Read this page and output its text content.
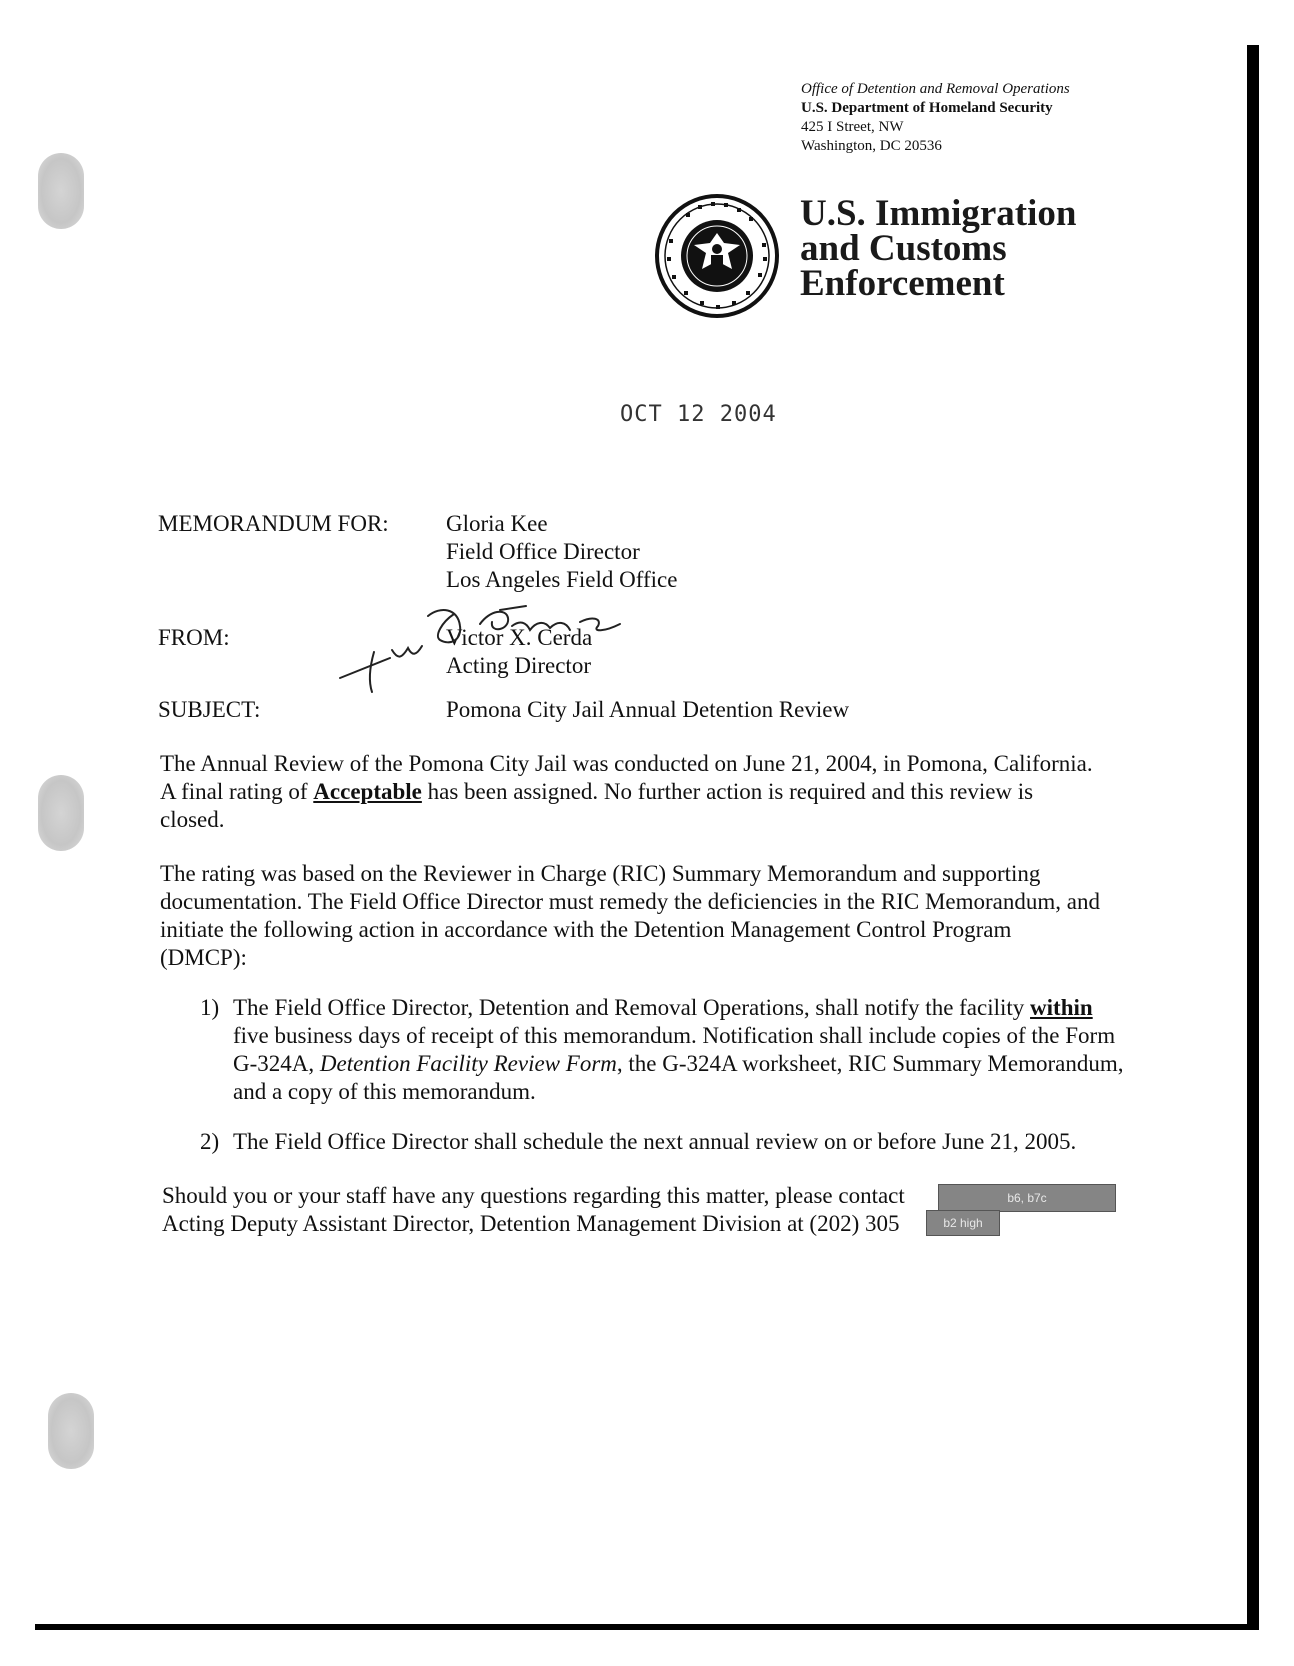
Office of Detention and Removal Operations
U.S. Department of Homeland Security
425 I Street, NW
Washington, DC 20536
U.S. Immigration
and Customs
Enforcement
OCT 12 2004
MEMORANDUM FOR: Gloria Kee
Field Office Director
Los Angeles Field Office
FROM:	Victor X. Cerda
Acting Director
SUBJECT:	Pomona City Jail Annual Detention Review
The Annual Review of the Pomona City Jail was conducted on June 21, 2004, in Pomona, California. A final rating of Acceptable has been assigned. No further action is required and this review is closed.
The rating was based on the Reviewer in Charge (RIC) Summary Memorandum and supporting documentation. The Field Office Director must remedy the deficiencies in the RIC Memorandum, and initiate the following action in accordance with the Detention Management Control Program (DMCP):
1) The Field Office Director, Detention and Removal Operations, shall notify the facility within five business days of receipt of this memorandum. Notification shall include copies of the Form G-324A, Detention Facility Review Form, the G-324A worksheet, RIC Summary Memorandum, and a copy of this memorandum.
2) The Field Office Director shall schedule the next annual review on or before June 21, 2005.
Should you or your staff have any questions regarding this matter, please contact
Acting Deputy Assistant Director, Detention Management Division at (202) 305
b6, b7c
b2 high
